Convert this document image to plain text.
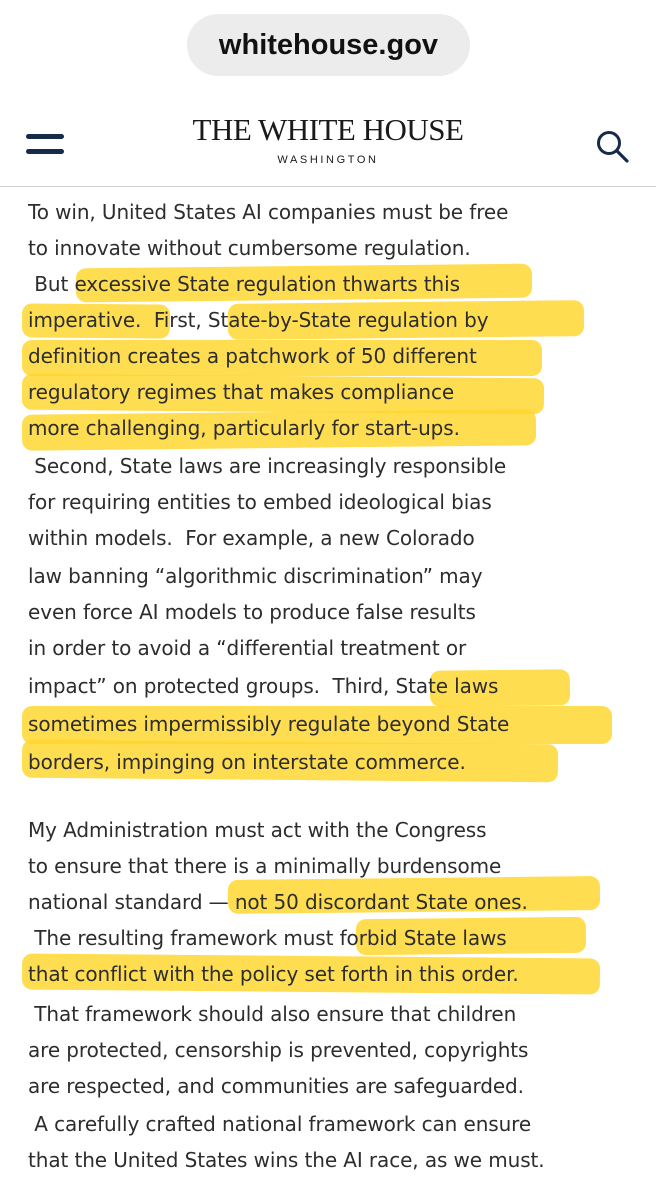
whitehouse.gov
THE WHITE HOUSE
WASHINGTON
To win, United States AI companies must be free
to innovate without cumbersome regulation.
But excessive State regulation thwarts this
imperative.  First, State-by-State regulation by
definition creates a patchwork of 50 different
regulatory regimes that makes compliance
more challenging, particularly for start-ups.
Second, State laws are increasingly responsible
for requiring entities to embed ideological bias
within models.  For example, a new Colorado
law banning “algorithmic discrimination” may
even force AI models to produce false results
in order to avoid a “differential treatment or
impact” on protected groups.  Third, State laws
sometimes impermissibly regulate beyond State
borders, impinging on interstate commerce.
My Administration must act with the Congress
to ensure that there is a minimally burdensome
national standard — not 50 discordant State ones.
The resulting framework must forbid State laws
that conflict with the policy set forth in this order.
That framework should also ensure that children
are protected, censorship is prevented, copyrights
are respected, and communities are safeguarded.
A carefully crafted national framework can ensure
that the United States wins the AI race, as we must.
